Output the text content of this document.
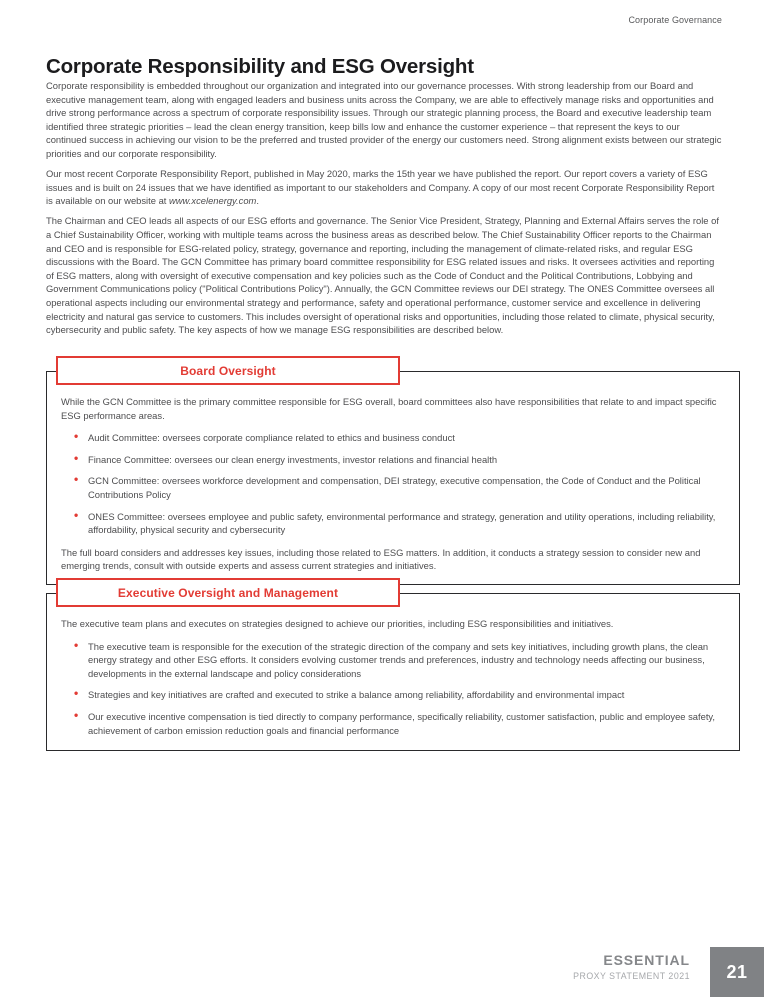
Corporate Governance
Corporate Responsibility and ESG Oversight

Corporate responsibility is embedded throughout our organization and integrated into our governance processes. With strong leadership from our Board and executive management team, along with engaged leaders and business units across the Company, we are able to effectively manage risks and opportunities and drive strong performance across a spectrum of corporate responsibility issues. Through our strategic planning process, the Board and executive leadership team identified three strategic priorities – lead the clean energy transition, keep bills low and enhance the customer experience – that represent the keys to our continued success in achieving our vision to be the preferred and trusted provider of the energy our customers need. Strong alignment exists between our strategic priorities and our corporate responsibility.

Our most recent Corporate Responsibility Report, published in May 2020, marks the 15th year we have published the report. Our report covers a variety of ESG issues and is built on 24 issues that we have identified as important to our stakeholders and Company. A copy of our most recent Corporate Responsibility Report is available on our website at www.xcelenergy.com.

The Chairman and CEO leads all aspects of our ESG efforts and governance. The Senior Vice President, Strategy, Planning and External Affairs serves the role of a Chief Sustainability Officer, working with multiple teams across the business areas as described below. The Chief Sustainability Officer reports to the Chairman and CEO and is responsible for ESG-related policy, strategy, governance and reporting, including the management of climate-related risks, and regular ESG discussions with the Board. The GCN Committee has primary board committee responsibility for ESG related issues and risks. It oversees activities and reporting of ESG matters, along with oversight of executive compensation and key policies such as the Code of Conduct and the Political Contributions, Lobbying and Government Communications policy ("Political Contributions Policy"). Annually, the GCN Committee reviews our DEI strategy. The ONES Committee oversees all operational aspects including our environmental strategy and performance, safety and operational performance, customer service and excellence in delivering electricity and natural gas service to customers. This includes oversight of operational risks and opportunities, including those related to climate, physical security, cybersecurity and public safety. The key aspects of how we manage ESG responsibilities are described below.

Board Oversight

While the GCN Committee is the primary committee responsible for ESG overall, board committees also have responsibilities that relate to and impact specific ESG performance areas.

• Audit Committee: oversees corporate compliance related to ethics and business conduct
• Finance Committee: oversees our clean energy investments, investor relations and financial health
• GCN Committee: oversees workforce development and compensation, DEI strategy, executive compensation, the Code of Conduct and the Political Contributions Policy
• ONES Committee: oversees employee and public safety, environmental performance and strategy, generation and utility operations, including reliability, affordability, physical security and cybersecurity

The full board considers and addresses key issues, including those related to ESG matters. In addition, it conducts a strategy session to consider new and emerging trends, consult with outside experts and assess current strategies and initiatives.

Executive Oversight and Management

The executive team plans and executes on strategies designed to achieve our priorities, including ESG responsibilities and initiatives.

• The executive team is responsible for the execution of the strategic direction of the company and sets key initiatives, including growth plans, the clean energy strategy and other ESG efforts. It considers evolving customer trends and preferences, industry and technology needs affecting our business, developments in the external landscape and policy considerations
• Strategies and key initiatives are crafted and executed to strike a balance among reliability, affordability and environmental impact
• Our executive incentive compensation is tied directly to company performance, specifically reliability, customer satisfaction, public and employee safety, achievement of carbon emission reduction goals and financial performance
ESSENTIAL
PROXY STATEMENT 2021	21
